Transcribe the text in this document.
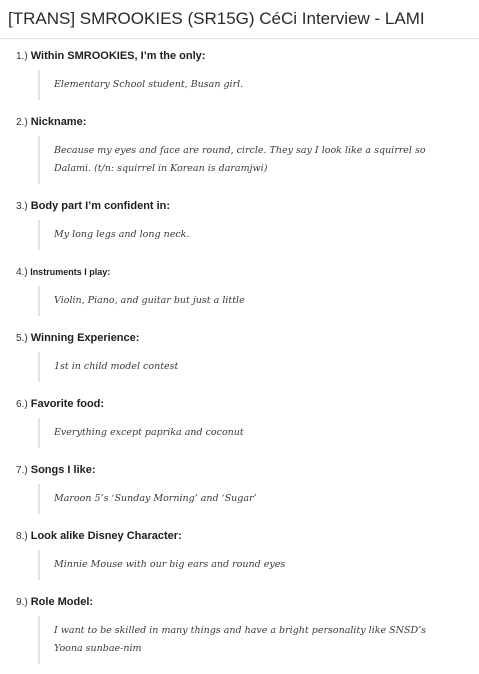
[TRANS] SMROOKIES (SR15G) CéCi Interview - LAMI

1.) Within SMROOKIES, I’m the only:

Elementary School student, Busan girl.

2.) Nickname:

Because my eyes and face are round, circle. They say I look like a squirrel so Dalami. (t/n: squirrel in Korean is daramjwi)

3.) Body part I’m confident in:

My long legs and long neck.

4.) Instruments I play:

Violin, Piano, and guitar but just a little

5.) Winning Experience:

1st in child model contest

6.) Favorite food:

Everything except paprika and coconut

7.) Songs I like:

Maroon 5’s ‘Sunday Morning’ and ‘Sugar’

8.) Look alike Disney Character:

Minnie Mouse with our big ears and round eyes

9.) Role Model:

I want to be skilled in many things and have a bright personality like SNSD’s Yoona sunbae-nim
